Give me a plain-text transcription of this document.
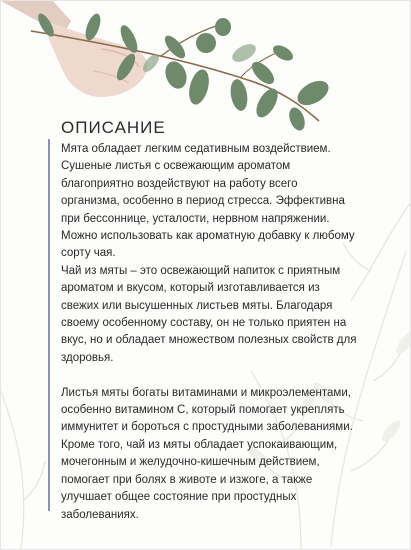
ОПИСАНИЕ

Мята обладает легким седативным воздействием. Сушеные листья с освежающим ароматом благоприятно воздействуют на работу всего организма, особенно в период стресса. Эффективна при бессоннице, усталости, нервном напряжении. Можно использовать как ароматную добавку к любому сорту чая.

Чай из мяты – это освежающий напиток с приятным ароматом и вкусом, который изготавливается из свежих или высушенных листьев мяты. Благодаря своему особенному составу, он не только приятен на вкус, но и обладает множеством полезных свойств для здоровья.

Листья мяты богаты витаминами и микроэлементами, особенно витамином С, который помогает укреплять иммунитет и бороться с простудными заболеваниями. Кроме того, чай из мяты обладает успокаивающим, мочегонным и желудочно-кишечным действием, помогает при болях в животе и изжоге, а также улучшает общее состояние при простудных заболеваниях.
